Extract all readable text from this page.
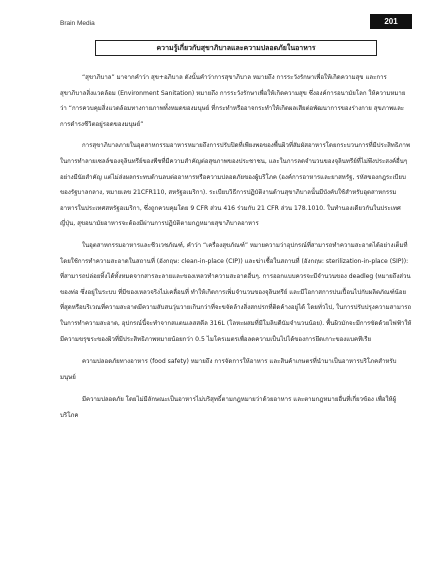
Brain Media	201
ความรู้เกี่ยวกับสุขาภิบาลและความปลอดภัยในอาหาร

“สุขาภิบาล” มาจากคำว่า สุข+อภิบาล ดังนั้นคำว่าการสุขาภิบาล หมายถึง การระวังรักษาเพื่อให้เกิดความสุข และการสุขาภิบาลสิ่งแวดล้อม (Environment Sanitation) หมายถึง การระวังรักษาเพื่อให้เกิดความสุข ซึ่งองค์การอนามัยโลก ให้ความหมายว่า “การควบคุมสิ่งแวดล้อมทางกายภาพทั้งหมดของมนุษย์ ที่กระทำหรืออาจกระทำให้เกิดผลเสียต่อพัฒนาการของร่างกาย สุขภาพและการดำรงชีวิตอยู่รอดของมนุษย์”

การสุขาภิบาลภายในอุตสาหกรรมอาหารหมายถึงการปรับปิดที่เพียงพอของพื้นผิวที่สัมผัสอาหารโดยกระบวนการที่มีประสิทธิภาพในการทำลายเซลล์ของจุลินทรีย์ของพืชที่มีความสำคัญต่อสุขภาพของประชาชน, และในการลดจำนวนของจุลินทรีย์ที่ไม่พึงประสงค์อื่นๆอย่างมีนัยสำคัญ แต่ไม่ส่งผลกระทบด้านลบต่ออาหารหรือความปลอดภัยของผู้บริโภค (องค์การอาหารและยาสหรัฐ, รหัสของกฎระเบียบของรัฐบาลกลาง, หมายเลข 21CFR110, สหรัฐอเมริกา). ระเบียบวิธีการปฏิบัติงานด้านสุขาภิบาลนั้นมีบังคับใช้สำหรับอุตสาหกรรมอาหารในประเทศสหรัฐอเมริกา, ซึ่งถูกควบคุมโดย 9 CFR ส่วน 416 ร่วมกับ 21 CFR ส่วน 178.1010. ในทำนองเดียวกันในประเทศญี่ปุ่น, สุขอนามัยอาหารจะต้องมีผ่านการปฏิบัติตามกฎหมายสุขาภิบาลอาหาร

ในอุตสาหกรรมอาหารและชีวเวชภัณฑ์, คำว่า “เครื่องสุขภัณฑ์” หมายความว่าอุปกรณ์ที่สามารถทำความสะอาดได้อย่างเต็มที่โดยใช้การทำความสะอาดในสถานที่ (อังกฤษ: clean-in-place (CIP)) และฆ่าเชื้อในสถานที่ (อังกฤษ: sterilization-in-place (SIP)): ที่สามารถปล่อยทิ้งได้ทั้งหมดจากสารละลายและของเหลวทำความสะอาดอื่นๆ. การออกแบบควรจะมีจำนวนของ deadleg (หมายถึงส่วนของท่อ ซึ่งอยู่ในระบบ ที่มีของเหลวจริงไม่เคลื่อนที่ ทำให้เกิดการเพิ่มจำนวนของจุลินทรีย์ และมีโอกาสการปนเปื้อนไปกับผลิตภัณฑ์น้อยที่สุดหรือบริเวณที่ความสะอาดมีความสับสนวุ่นวายเกินกว่าที่จะขจัดล้างสิ่งสกปรกที่ติดค้างอยู่ได้ โดยทั่วไป, ในการปรับปรุงความสามารถในการทำความสะอาด, อุปกรณ์นี้จะทำจากสแตนเลสสตีล 316L (โลหะผสมที่มีโมลิบดีนัมจำนวนน้อย). พื้นผิวมักจะมีการขัดด้วยไฟฟ้าให้มีความขรุขระของผิวที่มีประสิทธิภาพหมายน้อยกว่า 0.5 ไมโครเมตรเพื่อลดความเป็นไปได้ของการยึดเกาะของแบคทีเรีย

ความปลอดภัยทางอาหาร (food safety) หมายถึง การจัดการให้อาหาร และสินค้าเกษตรที่นำมาเป็นอาหารบริโภคสำหรับมนุษย์

มีความปลอดภัย โดยไม่มีลักษณะเป็นอาหารไม่บริสุทธิ์ตามกฎหมายว่าด้วยอาหาร และตามกฎหมายอื่นที่เกี่ยวข้อง เพื่อให้ผู้บริโภค
